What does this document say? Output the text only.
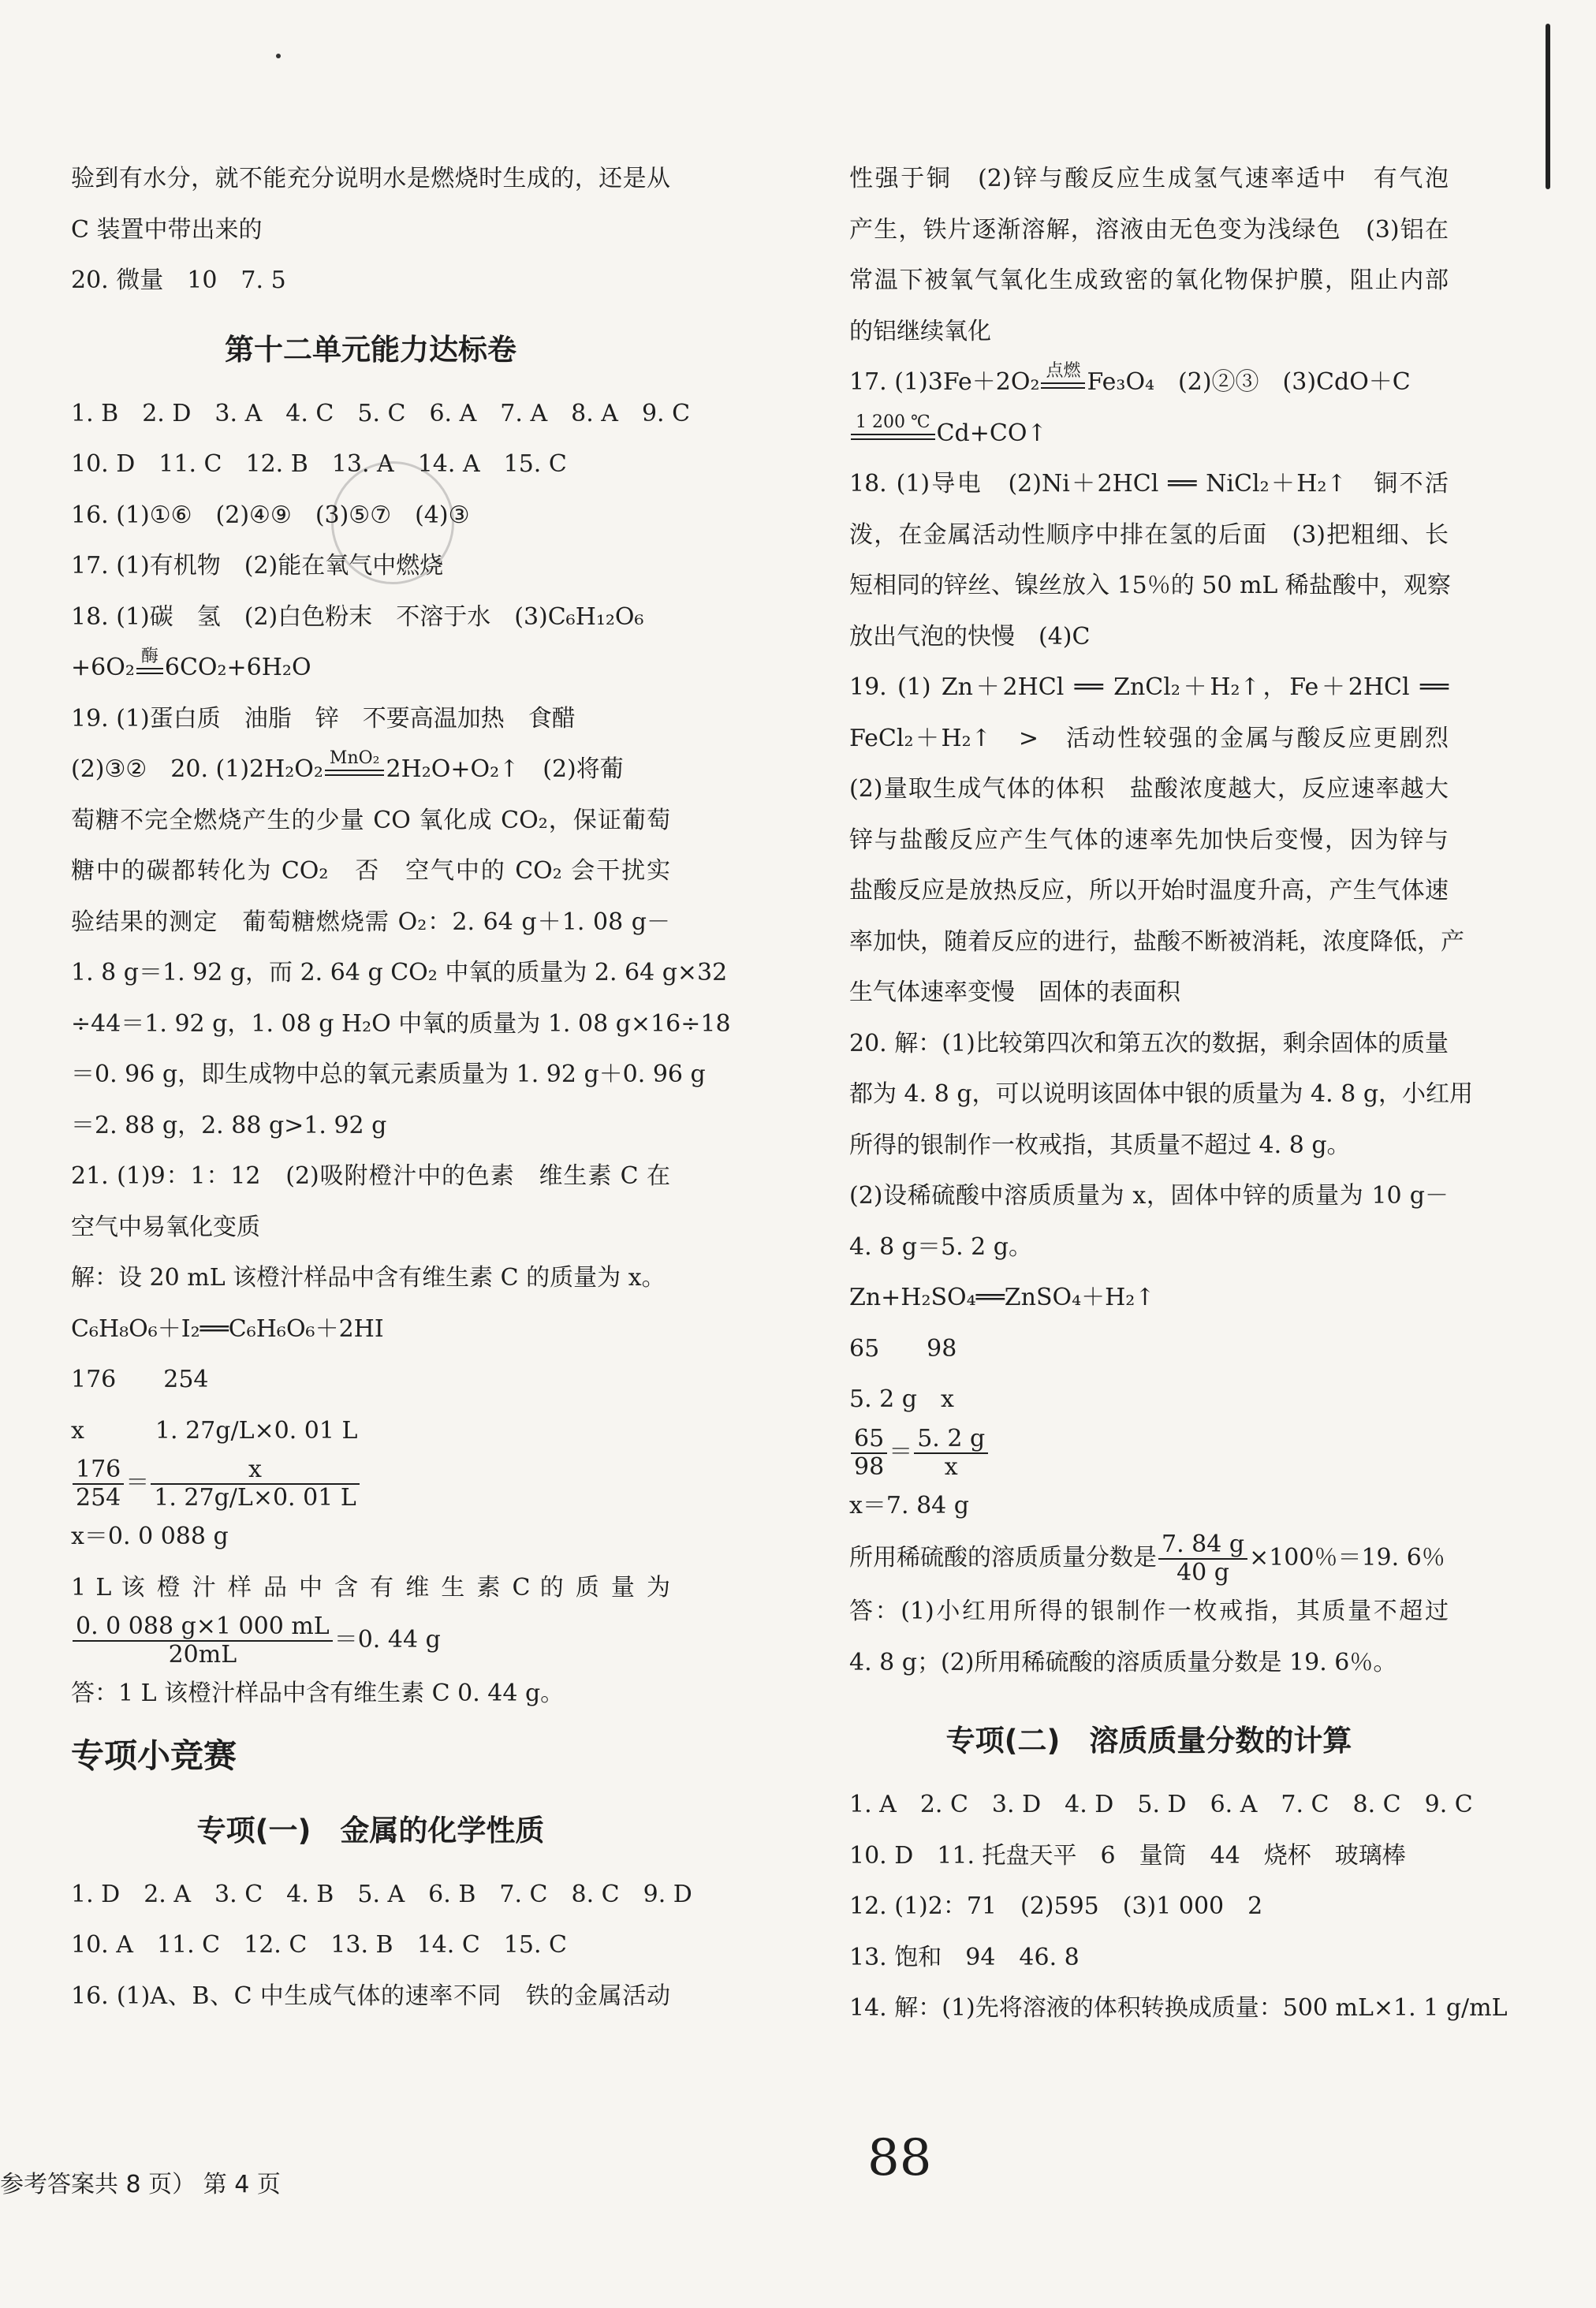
验到有水分，就不能充分说明水是燃烧时生成的，还是从

C 装置中带出来的

20. 微量　10　7. 5

第十二单元能力达标卷

1. B　2. D　3. A　4. C　5. C　6. A　7. A　8. A　9. C

10. D　11. C　12. B　13. A　14. A　15. C

16. (1)①⑥　(2)④⑨　(3)⑤⑦　(4)③

17. (1)有机物　(2)能在氧气中燃烧

18. (1)碳　氢　(2)白色粉末　不溶于水　(3)C₆H₁₂O₆

+6O₂ 酶 6CO₂+6H₂O

19. (1)蛋白质　油脂　锌　不要高温加热　食醋

(2)③②　20. (1)2H₂O₂ MnO₂ 2H₂O+O₂↑　(2)将葡

萄糖不完全燃烧产生的少量 CO 氧化成 CO₂，保证葡萄

糖中的碳都转化为 CO₂　否　空气中的 CO₂ 会干扰实

验结果的测定　葡萄糖燃烧需 O₂：2. 64 g＋1. 08 g－

1. 8 g＝1. 92 g，而 2. 64 g CO₂ 中氧的质量为 2. 64 g×32

÷44＝1. 92 g，1. 08 g H₂O 中氧的质量为 1. 08 g×16÷18

＝0. 96 g，即生成物中总的氧元素质量为 1. 92 g＋0. 96 g

＝2. 88 g，2. 88 g>1. 92 g

21. (1)9：1：12　(2)吸附橙汁中的色素　维生素 C 在

空气中易氧化变质

解：设 20 mL 该橙汁样品中含有维生素 C 的质量为 x。

C₆H₈O₆＋I₂══C₆H₆O₆＋2HI

176　　254

x　　　1. 27g/L×0. 01 L

$\frac{176}{254} = \frac{x}{1. 27g/L\times 0. 01 L}$

x＝0. 0 088 g

1 L 该 橙 汁 样 品 中 含 有 维 生 素 C 的 质 量 为

$\frac{0. 0 088 g\times 1 000 mL}{20mL} =0$. 44 g

答：1 L 该橙汁样品中含有维生素 C 0. 44 g。

专项小竞赛
专项(一)　金属的化学性质

1. D　2. A　3. C　4. B　5. A　6. B　7. C　8. C　9. D

10. A　11. C　12. C　13. B　14. C　15. C

16. (1)A、B、C 中生成气体的速率不同　铁的金属活动

性强于铜　(2)锌与酸反应生成氢气速率适中　有气泡

产生，铁片逐渐溶解，溶液由无色变为浅绿色　(3)铝在

常温下被氧气氧化生成致密的氧化物保护膜，阻止内部

的铝继续氧化

17. (1)3Fe＋2O₂ 点燃 Fe₃O₄　(2)②③　(3)CdO＋C

1 200 ℃ Cd+CO↑

18. (1)导电　(2)Ni＋2HCl ══ NiCl₂＋H₂↑　铜不活

泼，在金属活动性顺序中排在氢的后面　(3)把粗细、长

短相同的锌丝、镍丝放入 15％的 50 mL 稀盐酸中，观察

放出气泡的快慢　(4)C

19. (1) Zn＋2HCl ══ ZnCl₂＋H₂↑，Fe＋2HCl ══

FeCl₂＋H₂↑　>　活动性较强的金属与酸反应更剧烈

(2)量取生成气体的体积　盐酸浓度越大，反应速率越大

锌与盐酸反应产生气体的速率先加快后变慢，因为锌与

盐酸反应是放热反应，所以开始时温度升高，产生气体速

率加快，随着反应的进行，盐酸不断被消耗，浓度降低，产

生气体速率变慢　固体的表面积

20. 解：(1)比较第四次和第五次的数据，剩余固体的质量

都为 4. 8 g，可以说明该固体中银的质量为 4. 8 g，小红用

所得的银制作一枚戒指，其质量不超过 4. 8 g。

(2)设稀硫酸中溶质质量为 x，固体中锌的质量为 10 g－

4. 8 g＝5. 2 g。

Zn+H₂SO₄══ZnSO₄＋H₂↑

65　　98

5. 2 g　x

$\frac{65}{98} = \frac{5. 2 g}{x}$

x＝7. 84 g

所用稀硫酸的溶质质量分数是 $\frac{7. 84 g}{40 g} \times 100$％＝19. 6％

答：(1)小红用所得的银制作一枚戒指，其质量不超过

4. 8 g；(2)所用稀硫酸的溶质质量分数是 19. 6％。

专项(二)　溶质质量分数的计算

1. A　2. C　3. D　4. D　5. D　6. A　7. C　8. C　9. C

10. D　11. 托盘天平　6　量筒　44　烧杯　玻璃棒

12. (1)2：71　(2)595　(3)1 000　2

13. 饱和　94　46. 8

14. 解：(1)先将溶液的体积转换成质量：500 mL×1. 1 g/mL

参考答案共 8 页） 第 4 页	88
